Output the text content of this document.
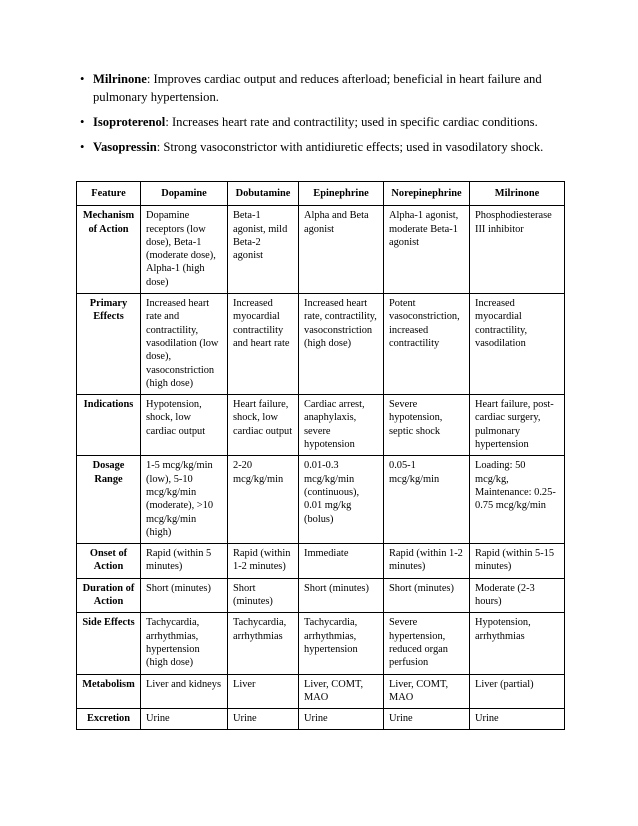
• Milrinone: Improves cardiac output and reduces afterload; beneficial in heart failure and pulmonary hypertension.
• Isoproterenol: Increases heart rate and contractility; used in specific cardiac conditions.
• Vasopressin: Strong vasoconstrictor with antidiuretic effects; used in vasodilatory shock.
Feature	Dopamine	Dobutamine	Epinephrine	Norepinephrine	Milrinone
Mechanism of Action	Dopamine receptors (low dose), Beta-1 (moderate dose), Alpha-1 (high dose)	Beta-1 agonist, mild Beta-2 agonist	Alpha and Beta agonist	Alpha-1 agonist, moderate Beta-1 agonist	Phosphodiesterase III inhibitor
Primary Effects	Increased heart rate and contractility, vasodilation (low dose), vasoconstriction (high dose)	Increased myocardial contractility and heart rate	Increased heart rate, contractility, vasoconstriction (high dose)	Potent vasoconstriction, increased contractility	Increased myocardial contractility, vasodilation
Indications	Hypotension, shock, low cardiac output	Heart failure, shock, low cardiac output	Cardiac arrest, anaphylaxis, severe hypotension	Severe hypotension, septic shock	Heart failure, post-cardiac surgery, pulmonary hypertension
Dosage Range	1-5 mcg/kg/min (low), 5-10 mcg/kg/min (moderate), >10 mcg/kg/min (high)	2-20 mcg/kg/min	0.01-0.3 mcg/kg/min (continuous), 0.01 mg/kg (bolus)	0.05-1 mcg/kg/min	Loading: 50 mcg/kg, Maintenance: 0.25-0.75 mcg/kg/min
Onset of Action	Rapid (within 5 minutes)	Rapid (within 1-2 minutes)	Immediate	Rapid (within 1-2 minutes)	Rapid (within 5-15 minutes)
Duration of Action	Short (minutes)	Short (minutes)	Short (minutes)	Short (minutes)	Moderate (2-3 hours)
Side Effects	Tachycardia, arrhythmias, hypertension (high dose)	Tachycardia, arrhythmias	Tachycardia, arrhythmias, hypertension	Severe hypertension, reduced organ perfusion	Hypotension, arrhythmias
Metabolism	Liver and kidneys	Liver	Liver, COMT, MAO	Liver, COMT, MAO	Liver (partial)
Excretion	Urine	Urine	Urine	Urine	Urine
